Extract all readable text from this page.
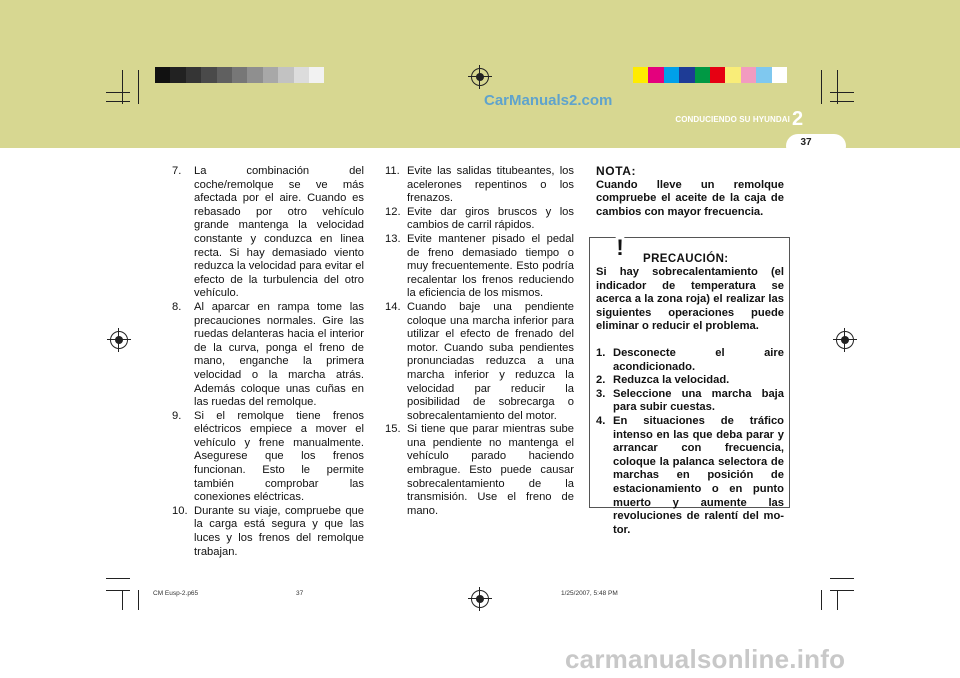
CarManuals2.com
CONDUCIENDO SU HYUNDAI 2
37
7.	La combinación del coche/remolque se ve más afectada por el aire. Cuando es rebasado por otro vehículo grande mantenga la velocidad constante y conduzca en linea recta. Si hay demasiado viento reduzca la velocidad para evitar el efecto de la turbulencia del otro vehículo.
8.	Al aparcar en rampa tome las precauciones normales. Gire las ruedas delanteras hacia el interior de la curva, ponga el freno de mano, enganche la primera velocidad o la marcha atrás. Además coloque unas cuñas en las ruedas del remolque.
9.	Si el remolque tiene frenos eléctricos empiece a mover el vehículo y frene manualmente. Asegurese que los frenos funcionan. Esto le permite también comprobar las conexiones eléctricas.
10. Durante su viaje, compruebe que la carga está segura y que las luces y los frenos del remolque trabajan.
11. Evite las salidas titubeantes, los acelerones repentinos o los frenazos.
12. Evite dar giros bruscos y los cambios de carril rápidos.
13. Evite mantener pisado el pedal de freno demasiado tiempo o muy frecuentemente. Esto podría recalentar los frenos reduciendo la eficiencia de los mismos.
14. Cuando baje una pendiente coloque una marcha inferior para utilizar el efecto de frenado del motor. Cuando suba pendientes pronunciadas reduzca a una marcha inferior y reduzca la velocidad par reducir la posibilidad de sobrecarga o sobrecalentamiento del motor.
15. Si tiene que parar mientras sube una pendiente no mantenga el vehículo parado haciendo embrague. Esto puede causar sobrecalentamiento de la transmisión. Use el freno de mano.
NOTA:
Cuando lleve un remolque compruebe el aceite de la caja de cambios con mayor frecuencia.
! PRECAUCIÓN:
Si hay sobrecalentamiento (el indicador de temperatura se acerca a la zona roja) el realizar las siguientes operaciones puede eliminar o reducir el problema.
1. Desconecte el aire acondicionado.
2. Reduzca la velocidad.
3. Seleccione una marcha baja para subir cuestas.
4. En situaciones de tráfico intenso en las que deba parar y arrancar con frecuencia, coloque la palanca selectora de marchas en posición de estacionamiento o en punto muerto y aumente las revoluciones de ralentí del mo-tor.
CM Eusp-2.p65	37	1/25/2007, 5:48 PM
carmanualsonline.info
